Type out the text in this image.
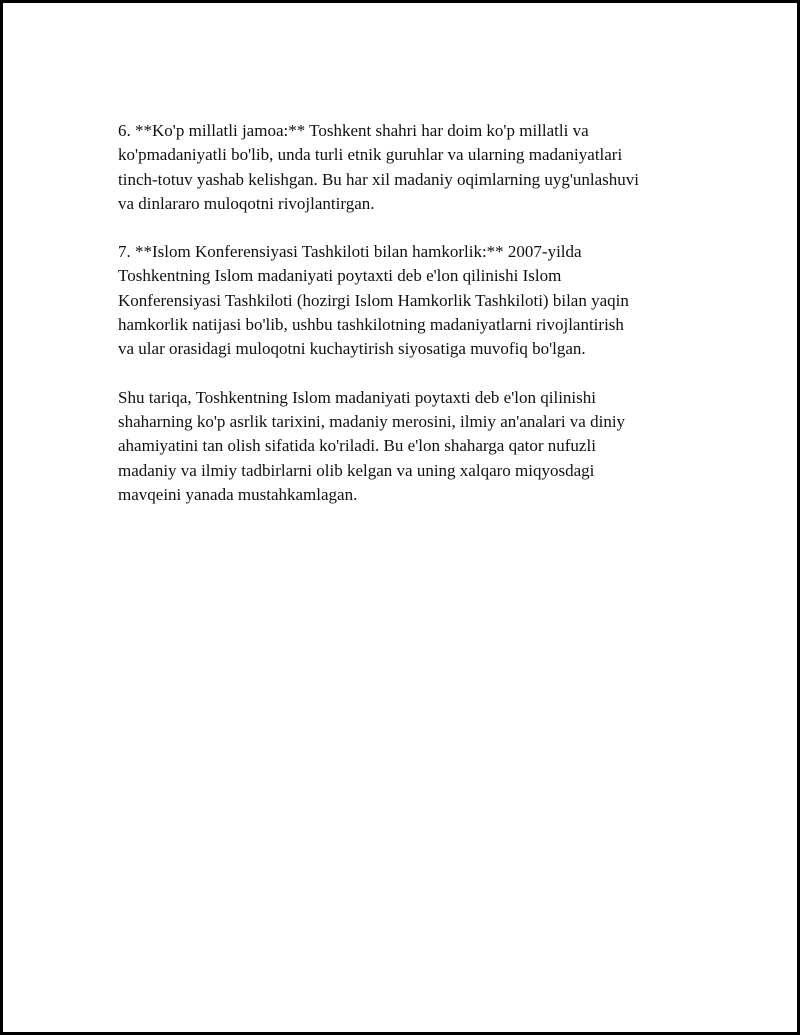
6. **Ko'p millatli jamoa:** Toshkent shahri har doim ko'p millatli va
ko'pmadaniyatli bo'lib, unda turli etnik guruhlar va ularning madaniyatlari
tinch-totuv yashab kelishgan. Bu har xil madaniy oqimlarning uyg'unlashuvi
va dinlararo muloqotni rivojlantirgan.

7. **Islom Konferensiyasi Tashkiloti bilan hamkorlik:** 2007-yilda
Toshkentning Islom madaniyati poytaxti deb e'lon qilinishi Islom
Konferensiyasi Tashkiloti (hozirgi Islom Hamkorlik Tashkiloti) bilan yaqin
hamkorlik natijasi bo'lib, ushbu tashkilotning madaniyatlarni rivojlantirish
va ular orasidagi muloqotni kuchaytirish siyosatiga muvofiq bo'lgan.

Shu tariqa, Toshkentning Islom madaniyati poytaxti deb e'lon qilinishi
shaharning ko'p asrlik tarixini, madaniy merosini, ilmiy an'analari va diniy
ahamiyatini tan olish sifatida ko'riladi. Bu e'lon shaharga qator nufuzli
madaniy va ilmiy tadbirlarni olib kelgan va uning xalqaro miqyosdagi
mavqeini yanada mustahkamlagan.
